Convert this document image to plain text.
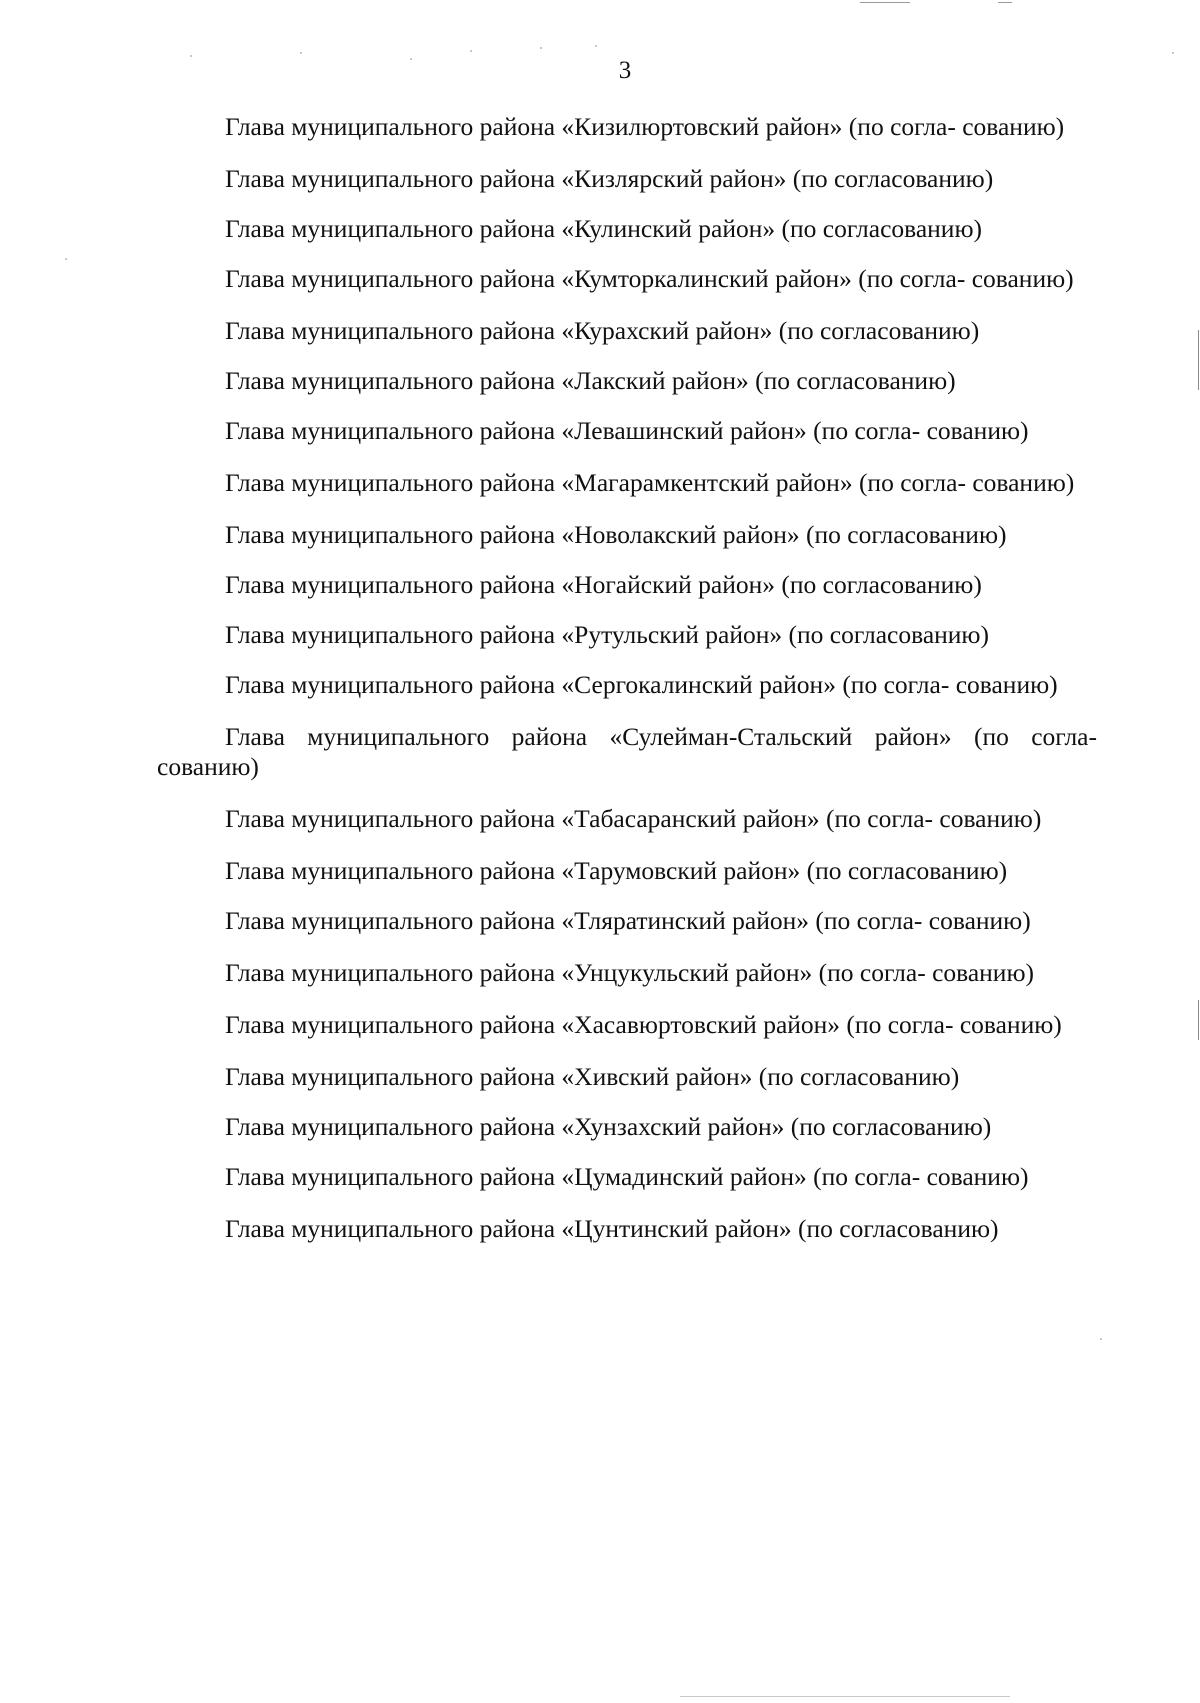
3

Глава муниципального района «Кизилюртовский район» (по согла- сованию)

Глава муниципального района «Кизлярский район» (по согласованию)

Глава муниципального района «Кулинский район» (по согласованию)

Глава муниципального района «Кумторкалинский район» (по согла- сованию)

Глава муниципального района «Курахский район» (по согласованию)

Глава муниципального района «Лакский район» (по согласованию)

Глава муниципального района «Левашинский район» (по согла- сованию)

Глава муниципального района «Магарамкентский район» (по согла- сованию)

Глава муниципального района «Новолакский район» (по согласованию)

Глава муниципального района «Ногайский район» (по согласованию)

Глава муниципального района «Рутульский район» (по согласованию)

Глава муниципального района «Сергокалинский район» (по согла- сованию)

Глава муниципального района «Сулейман-Стальский район» (по согла- сованию)

Глава муниципального района «Табасаранский район» (по согла- сованию)

Глава муниципального района «Тарумовский район» (по согласованию)

Глава муниципального района «Тляратинский район» (по согла- сованию)

Глава муниципального района «Унцукульский район» (по согла- сованию)

Глава муниципального района «Хасавюртовский район» (по согла- сованию)

Глава муниципального района «Хивский район» (по согласованию)

Глава муниципального района «Хунзахский район» (по согласованию)

Глава муниципального района «Цумадинский район» (по согла- сованию)

Глава муниципального района «Цунтинский район» (по согласованию)
